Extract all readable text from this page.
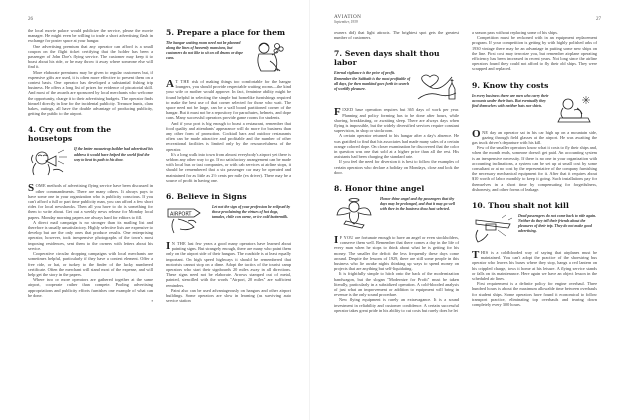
26

the local movie palace would publicize the service, please the movie manager. He might even be willing to trade a short advertising flash in exchange for poster space at your hangar.

One advertising premium that any operator can afford is a small coupon on the flight ticket certifying that the holder has been a passenger of John Doe's flying service. The customer may keep it to boast about his ride, or he may throw it away where someone else will find it.

More elaborate premiums may be given to regular customers but, if expensive gifts are used, it is often more effective to present them on a contest basis. One operator has developed a substantial fishing trip business. He offers a long list of prizes for evidence of piscatorial skill. And most of the awards are sponsored by local merchants who welcome the opportunity, charge it to their advertising budgets. The operator finds himself directly in line for the incidental publicity. Treasure hunts, clam bakes, outings, all have the double advantage of producing publicity, getting the public to the airport.

4. Cry out from the housetops
If the better mousetrap builder had advertised his address it would have helped the world find the way to beat its path to his door.

SOME methods of advertising flying service have been discussed in other commandments. There are many others. It always pays to have some one in your organization who is publicity conscious. If you can't afford a full or part time publicity man, you can afford a few short rides for local newshawks. Then all you have to do is something for them to write about. Get out a weekly news release for Monday local papers. Monday morning papers are always hard for editors to fill.

A direct mail campaign is no stronger than its mailing list and therefore is usually unsatisfactory. Highly selective lists are expensive to develop but are the only ones that produce results. One enterprising operator, however, took inexpensive photographs of the town's most imposing residences, sent them to the owners with letters about his service.

Cooperative circular dropping campaigns with local merchants are sometimes helpful, particularly if they have a contest element. Offer a free ride, or hat, or turkey to the finder of the lucky numbered certificate. Often the merchant will stand most of the expense, and will help get the story in the papers.

Where two or more operators are gathered together at the same airport, cooperate rather than compete. Pooling advertising appropriations and publicity efforts furnishes one example of what can be done.

▪
5. Prepare a place for them
The hangar waiting room need not be planned along the lines of heavenly mansions, but customers do not like to sit on oil drums or dope cans.

A T THE risk of making things too comfortable for the hangar loungers, you should provide respectable waiting rooms—the kind your wife or mother would approve. In fact, feminine ability might be found helpful in selecting the simple but homelike furnishings required to make the best use of that corner selected for those who wait. The space need not be large, can be a wall board partitioned corner of the hangar. But it must not be a repository for parachutes, helmets, and dope cans. Many successful operators provide game rooms for students.

And if your port is big enough to boast a restaurant, remember that food quality and attendants' appearance will do more for business than any other form of promotion. Cocktail bars and outdoor restaurants often can be made attractive and profitable and the number of other recreational facilities is limited only by the resourcefulness of the operator.

It's a long walk into town from almost everybody's airport yet there is seldom any other way to go. If no satisfactory arrangement can be made with local bus or taxi companies, or with cab services at airline stops, it should be remembered that a six passenger car may be operated and maintained for as little as 2½ cents per mile (ex driver). There may be a source of profit in having one.

6. Believe in Signs
AIRPORT
Let not the sign of your profession be eclipsed by those proclaiming the virtues of hot dogs, tamales, chile con carne, or ice cold buttermilk.

I N THE last few years a good many operators have learned about painting signs. But strangely enough, there are many who paint them only on the airport side of their hangars. The roadside is at least equally important. On high speed highways it should be remembered that motorists cannot stop on a dime. Adopt the tactics of the tourist camp operators who start their signboards 20 miles away in all directions. These signs need not be elaborate. Arrows stamped out of metal, painted, stencilled with the words "Airport, 20 miles" are sufficient reminders.

Paint also can be used advantageously on hangars and other airport buildings. Some operators are slow in learning (as surviving auto service station

AVIATION
September, 1939	27

owners did) that light attracts. The brightest spot gets the greatest number of customers.

7. Seven days shalt thou labor
Eternal vigilance is the price of profit. Remember the Sabbath is the most profitable of all days, for then mankind goes forth in search of worldly pleasure.

FIXED base operation requires but 365 days of work per year. Planning and policy forming has to be done after hours, while shaving, breakfasting, or awaiting sleep. There are always days when flying is impossible, but the widely diversified services require constant supervision, in shop or stockroom.

A certain operator returned to his hangar after a day's absence. He was gratified to find that his associates had made many sales of a certain orange colored dope. On closer examination he discovered that the color in question was one that sold at a higher price than all the rest. His assistants had been charging the standard rate.

If you feel the need for diversion it is best to follow the examples of certain operators who declare a holiday on Mondays, close and lock the door.

8. Honor thine angel
Honor thine angel and thy passengers that thy days may be prolonged, and that it may go well with thee in the business thou hast selected.

I F YOU are fortunate enough to have an angel or even stockholders, conserve them well. Remember that there comes a day in the life of every man when he stops to think about what he is getting for his money. The smaller the deficit the less frequently these days come around. Despite the lessons of 1929, there are still some people in this business who lie awake nights thinking up ways to spend money on projects that are anything but self-liquidating.

It is frightfully simple to hitch onto the back of the modernization bandwagon, but the slogan "Modernize for Profit" must be taken literally, particularly in a subsidized operation. A cold-blooded analysis of just what an improvement or addition to equipment will bring in revenue is the only sound procedure.

New flying equipment is rarely an extravagance. It is a sound investment in reliability and customer confidence. A certain successful operator takes great pride in his ability to cut costs but rarely does he let

a season pass without replacing some of his ships.

Competition must be reckoned with in an equipment replacement program. If your competition is getting by with highly polished arks of 1930 vintage there may be an advantage in putting some new ships on the line. First cost may terrorize you, but remember airplane operating efficiency has been increased in recent years. Not long since the airline operators found they could not afford to fly their old ships. They were scrapped and replaced.

9. Know thy costs
In every business there are men who carry their accounts under their hats. But eventually they find themselves with neither hats nor shirts.

ONE day an operator sat in his car high up on a mountain side, gazing through field glasses at the airport. He was awaiting the gas truck driver's departure with his kill.

Few of the smaller operators know what it costs to fly their ships and, when the month ends, someone doesn't get paid. An accounting system is an inexpensive necessity. If there is no one in your organization with accounting inclinations, a system can be set up at small cost by some consultant or at no cost by the representative of the company furnishing the necessary mechanical equipment for it. After that it requires about $10 worth of labor monthly to keep it going. Such installations pay for themselves in a short time by compensating for forgetfulness, dishonesty, and other forms of leakage.

10. Thou shalt not kill
Dead passengers do not come back to ride again. Neither do they tell their friends about the pleasures of their trip. They do not make good advertising.

THIS is a coldblooded way of saying that airplanes must be maintained. You can't adopt the practice of the shoestring bus operator who leaves his buses where they stop, hangs a red lantern on his crippled charge, tows it home at his leisure. A flying service stands or falls on its maintenance. Here again we have an object lesson in the scheduled air lines.

First requirement is a definite policy for engine overhaul. Three hundred hours is about the maximum allowable time between overhauls for student ships. Some operators have found it economical to follow transport practice, eliminating top overhauls and tearing down completely every 300 hours.
